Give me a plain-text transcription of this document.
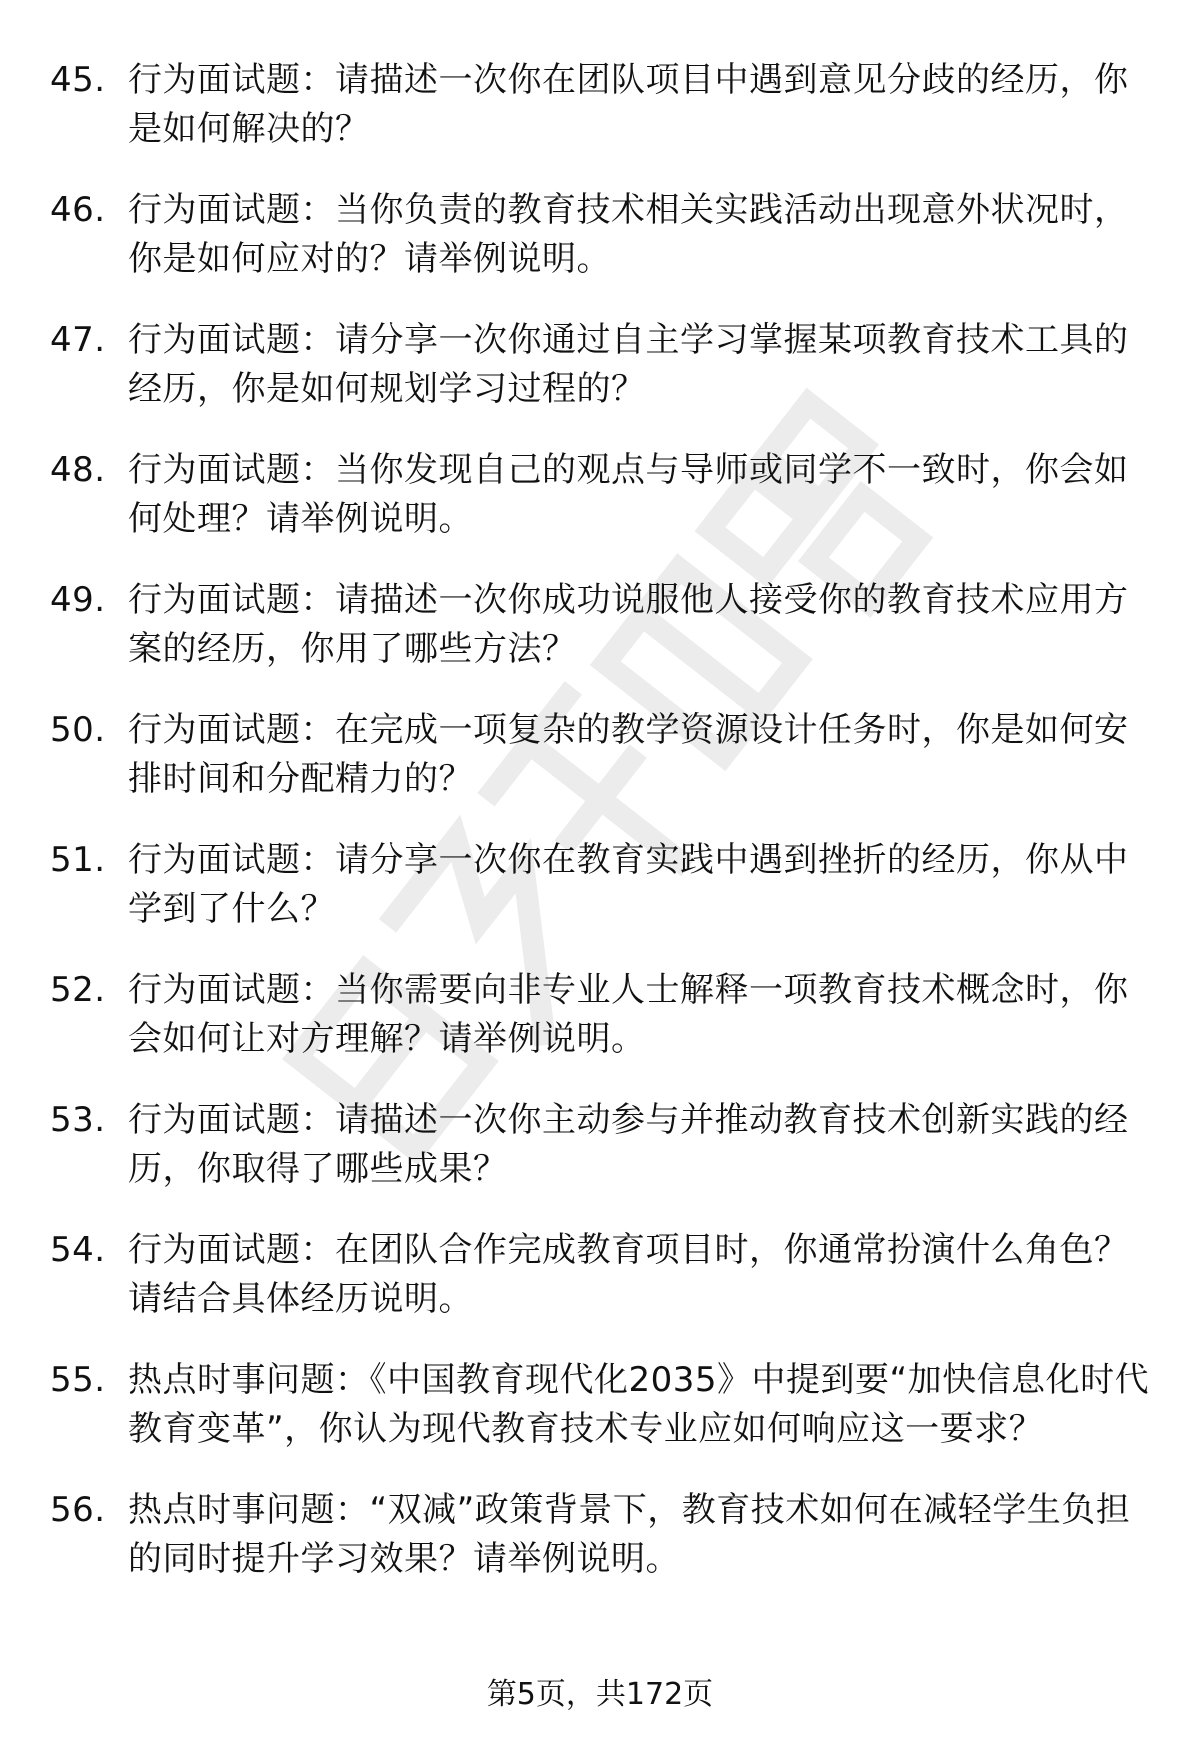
45. 行为面试题：请描述一次你在团队项目中遇到意见分歧的经历，你是如何解决的？
46. 行为面试题：当你负责的教育技术相关实践活动出现意外状况时，你是如何应对的？请举例说明。
47. 行为面试题：请分享一次你通过自主学习掌握某项教育技术工具的经历，你是如何规划学习过程的？
48. 行为面试题：当你发现自己的观点与导师或同学不一致时，你会如何处理？请举例说明。
49. 行为面试题：请描述一次你成功说服他人接受你的教育技术应用方案的经历，你用了哪些方法？
50. 行为面试题：在完成一项复杂的教学资源设计任务时，你是如何安排时间和分配精力的？
51. 行为面试题：请分享一次你在教育实践中遇到挫折的经历，你从中学到了什么？
52. 行为面试题：当你需要向非专业人士解释一项教育技术概念时，你会如何让对方理解？请举例说明。
53. 行为面试题：请描述一次你主动参与并推动教育技术创新实践的经历，你取得了哪些成果？
54. 行为面试题：在团队合作完成教育项目时，你通常扮演什么角色？请结合具体经历说明。
55. 热点时事问题：《中国教育现代化2035》中提到要“加快信息化时代教育变革”，你认为现代教育技术专业应如何响应这一要求？
56. 热点时事问题：“双减”政策背景下，教育技术如何在减轻学生负担的同时提升学习效果？请举例说明。
第5页，共172页
